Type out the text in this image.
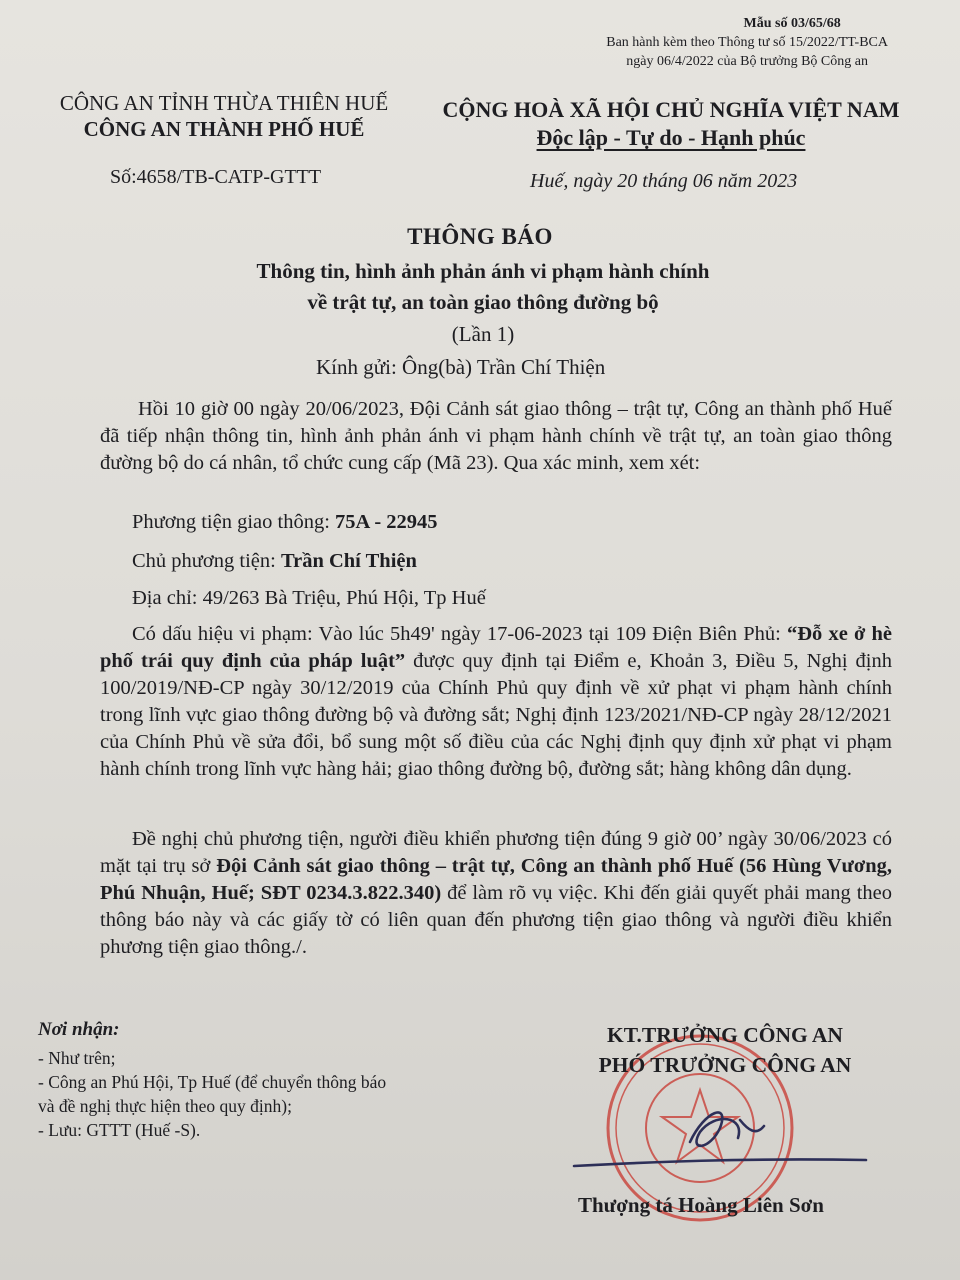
Mẫu số 03/65/68
Ban hành kèm theo Thông tư số 15/2022/TT-BCA
ngày 06/4/2022 của Bộ trưởng Bộ Công an
CÔNG AN TỈNH THỪA THIÊN HUẾ
CÔNG AN THÀNH PHỐ HUẾ
CỘNG HOÀ XÃ HỘI CHỦ NGHĨA VIỆT NAM
Độc lập - Tự do - Hạnh phúc
Số:4658/TB-CATP-GTTT	Huế, ngày 20 tháng 06 năm 2023
THÔNG BÁO
Thông tin, hình ảnh phản ánh vi phạm hành chính
về trật tự, an toàn giao thông đường bộ
(Lần 1)
Kính gửi: Ông(bà) Trần Chí Thiện
Hồi 10 giờ 00 ngày 20/06/2023, Đội Cảnh sát giao thông – trật tự, Công an thành phố Huế đã tiếp nhận thông tin, hình ảnh phản ánh vi phạm hành chính về trật tự, an toàn giao thông đường bộ do cá nhân, tổ chức cung cấp (Mã 23). Qua xác minh, xem xét:
Phương tiện giao thông: 75A - 22945
Chủ phương tiện: Trần Chí Thiện
Địa chỉ: 49/263 Bà Triệu, Phú Hội, Tp Huế
Có dấu hiệu vi phạm: Vào lúc 5h49' ngày 17-06-2023 tại 109 Điện Biên Phủ: “Đỗ xe ở hè phố trái quy định của pháp luật” được quy định tại Điểm e, Khoản 3, Điều 5, Nghị định 100/2019/NĐ-CP ngày 30/12/2019 của Chính Phủ quy định về xử phạt vi phạm hành chính trong lĩnh vực giao thông đường bộ và đường sắt; Nghị định 123/2021/NĐ-CP ngày 28/12/2021 của Chính Phủ về sửa đổi, bổ sung một số điều của các Nghị định quy định xử phạt vi phạm hành chính trong lĩnh vực hàng hải; giao thông đường bộ, đường sắt; hàng không dân dụng.
Đề nghị chủ phương tiện, người điều khiển phương tiện đúng 9 giờ 00’ ngày 30/06/2023 có mặt tại trụ sở Đội Cảnh sát giao thông – trật tự, Công an thành phố Huế (56 Hùng Vương, Phú Nhuận, Huế; SĐT 0234.3.822.340) để làm rõ vụ việc. Khi đến giải quyết phải mang theo thông báo này và các giấy tờ có liên quan đến phương tiện giao thông và người điều khiển phương tiện giao thông./.
Nơi nhận:
- Như trên;
- Công an Phú Hội, Tp Huế (để chuyển thông báo
và đề nghị thực hiện theo quy định);
- Lưu: GTTT (Huế -S).
KT.TRƯỞNG CÔNG AN
PHÓ TRƯỞNG CÔNG AN
Thượng tá Hoàng Liên Sơn
